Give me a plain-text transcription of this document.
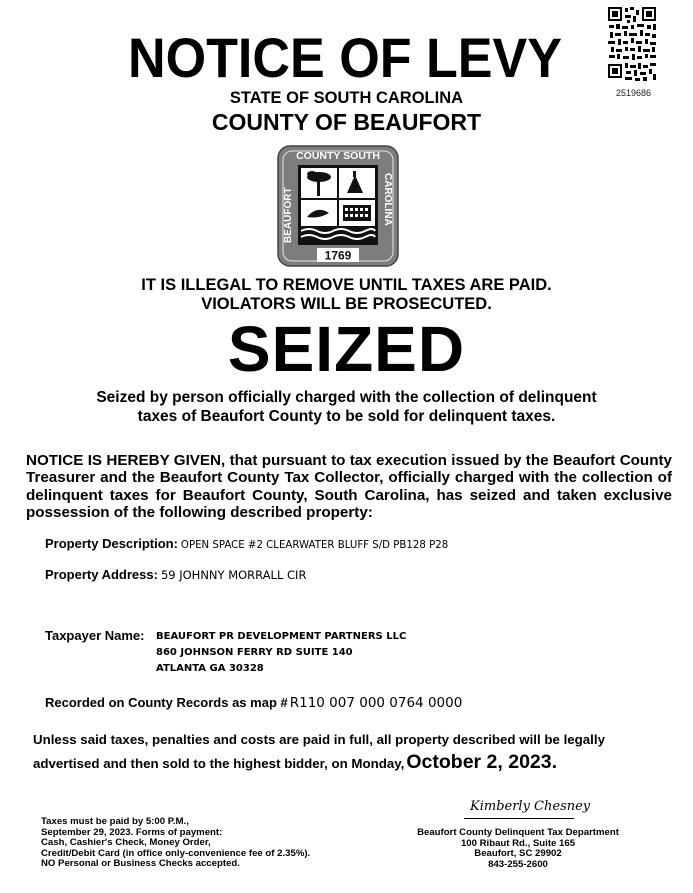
NOTICE OF LEVY
STATE OF SOUTH CAROLINA
COUNTY OF BEAUFORT
2519686
COUNTY SOUTH
BEAUFORT	CAROLINA
1769
IT IS ILLEGAL TO REMOVE UNTIL TAXES ARE PAID.
VIOLATORS WILL BE PROSECUTED.
SEIZED
Seized by person officially charged with the collection of delinquent
taxes of Beaufort County to be sold for delinquent taxes.
NOTICE IS HEREBY GIVEN, that pursuant to tax execution issued by the Beaufort County Treasurer and the Beaufort County Tax Collector, officially charged with the collection of delinquent taxes for Beaufort County, South Carolina, has seized and taken exclusive possession of the following described property:
Property Description: OPEN SPACE #2 CLEARWATER BLUFF S/D PB128 P28
Property Address: 59 JOHNNY MORRALL CIR
Taxpayer Name: BEAUFORT PR DEVELOPMENT PARTNERS LLC
860 JOHNSON FERRY RD SUITE 140
ATLANTA GA 30328
Recorded on County Records as map # R110 007 000 0764 0000
Unless said taxes, penalties and costs are paid in full, all property described will be legally
advertised and then sold to the highest bidder, on Monday, October 2, 2023.
Taxes must be paid by 5:00 P.M.,
September 29, 2023. Forms of payment:
Cash, Cashier's Check, Money Order,
Credit/Debit Card (in office only-convenience fee of 2.35%).
NO Personal or Business Checks accepted.
Kimberly Chesney
Beaufort County Delinquent Tax Department
100 Ribaut Rd., Suite 165
Beaufort, SC 29902
843-255-2600
